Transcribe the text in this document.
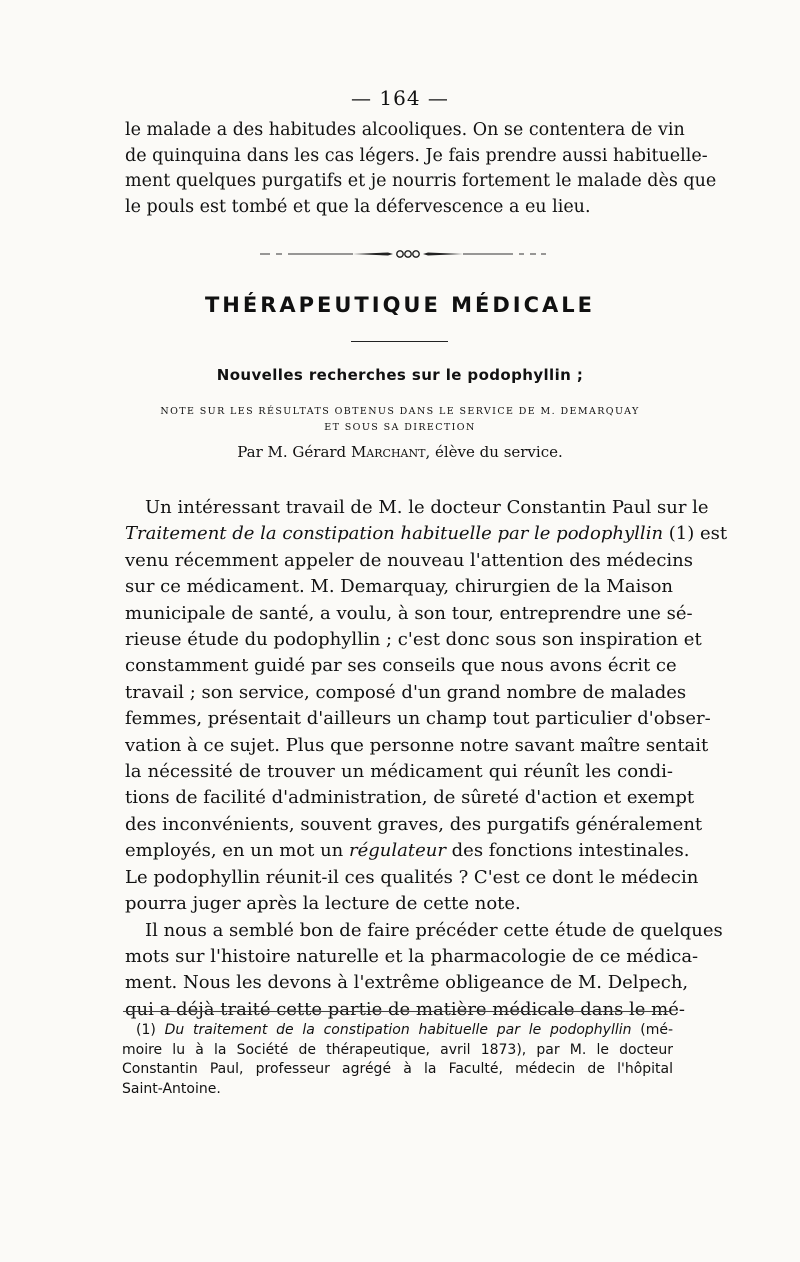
— 164 —
le malade a des habitudes alcooliques. On se contentera de vin
de quinquina dans les cas légers. Je fais prendre aussi habituelle-
ment quelques purgatifs et je nourris fortement le malade dès que
le pouls est tombé et que la défervescence a eu lieu.
THÉRAPEUTIQUE MÉDICALE
Nouvelles recherches sur le podophyllin ;
NOTE SUR LES RÉSULTATS OBTENUS DANS LE SERVICE DE M. DEMARQUAY
ET SOUS SA DIRECTION
Par M. Gérard Marchant, élève du service.
Un intéressant travail de M. le docteur Constantin Paul sur le
Traitement de la constipation habituelle par le podophyllin (1) est
venu récemment appeler de nouveau l'attention des médecins
sur ce médicament. M. Demarquay, chirurgien de la Maison
municipale de santé, a voulu, à son tour, entreprendre une sé-
rieuse étude du podophyllin ; c'est donc sous son inspiration et
constamment guidé par ses conseils que nous avons écrit ce
travail ; son service, composé d'un grand nombre de malades
femmes, présentait d'ailleurs un champ tout particulier d'obser-
vation à ce sujet. Plus que personne notre savant maître sentait
la nécessité de trouver un médicament qui réunît les condi-
tions de facilité d'administration, de sûreté d'action et exempt
des inconvénients, souvent graves, des purgatifs généralement
employés, en un mot un régulateur des fonctions intestinales.
Le podophyllin réunit-il ces qualités ? C'est ce dont le médecin
pourra juger après la lecture de cette note.
Il nous a semblé bon de faire précéder cette étude de quelques
mots sur l'histoire naturelle et la pharmacologie de ce médica-
ment. Nous les devons à l'extrême obligeance de M. Delpech,
qui a déjà traité cette partie de matière médicale dans le mé-
(1) Du traitement de la constipation habituelle par le podophyllin (mé-
moire lu à la Société de thérapeutique, avril 1873), par M. le docteur
Constantin Paul, professeur agrégé à la Faculté, médecin de l'hôpital
Saint-Antoine.
